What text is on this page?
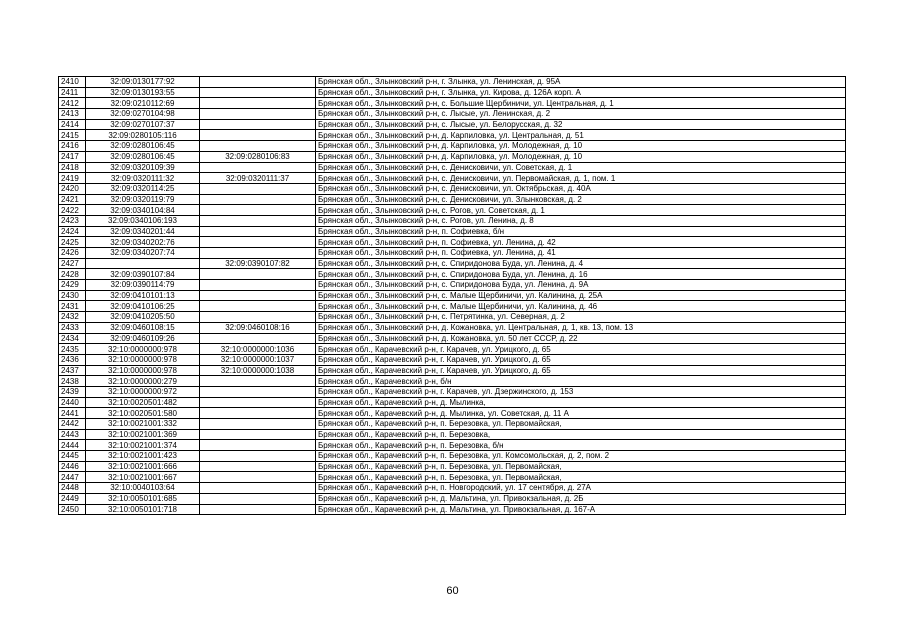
2410	32:09:0130177:92		Брянская обл., Злынковский р-н, г. Злынка, ул. Ленинская, д. 95А
2411	32:09:0130193:55		Брянская обл., Злынковский р-н, г. Злынка, ул. Кирова, д. 126А корп. А
2412	32:09:0210112:69		Брянская обл., Злынковский р-н, с. Большие Щербиничи, ул. Центральная, д. 1
2413	32:09:0270104:98		Брянская обл., Злынковский р-н, с. Лысые, ул. Ленинская, д. 2
2414	32:09:0270107:37		Брянская обл., Злынковский р-н, с. Лысые, ул. Белорусская, д. 32
2415	32:09:0280105:116		Брянская обл., Злынковский р-н, д. Карпиловка, ул. Центральная, д. 51
2416	32:09:0280106:45		Брянская обл., Злынковский р-н, д. Карпиловка, ул. Молодежная, д. 10
2417	32:09:0280106:45	32:09:0280106:83	Брянская обл., Злынковский р-н, д. Карпиловка, ул. Молодежная, д. 10
2418	32:09:0320109:39		Брянская обл., Злынковский р-н, с. Денисковичи, ул. Советская, д. 1
2419	32:09:0320111:32	32:09:0320111:37	Брянская обл., Злынковский р-н, с. Денисковичи, ул. Первомайская, д. 1, пом. 1
2420	32:09:0320114:25		Брянская обл., Злынковский р-н, с. Денисковичи, ул. Октябрьская, д. 40А
2421	32:09:0320119:79		Брянская обл., Злынковский р-н, с. Денисковичи, ул. Злынковская, д. 2
2422	32:09:0340104:84		Брянская обл., Злынковский р-н, с. Рогов, ул. Советская, д. 1
2423	32:09:0340106:193		Брянская обл., Злынковский р-н, с. Рогов, ул. Ленина, д. 8
2424	32:09:0340201:44		Брянская обл., Злынковский р-н, п. Софиевка, б/н
2425	32:09:0340202:76		Брянская обл., Злынковский р-н, п. Софиевка, ул. Ленина, д. 42
2426	32:09:0340207:74		Брянская обл., Злынковский р-н, п. Софиевка, ул. Ленина, д. 41
2427		32:09:0390107:82	Брянская обл., Злынковский р-н, с. Спиридонова Буда, ул. Ленина, д. 4
2428	32:09:0390107:84		Брянская обл., Злынковский р-н, с. Спиридонова Буда, ул. Ленина, д. 16
2429	32:09:0390114:79		Брянская обл., Злынковский р-н, с. Спиридонова Буда, ул. Ленина, д. 9А
2430	32:09:0410101:13		Брянская обл., Злынковский р-н, с. Малые Щербиничи, ул. Калинина, д. 25А
2431	32:09:0410106:25		Брянская обл., Злынковский р-н, с. Малые Щербиничи, ул. Калинина, д. 46
2432	32:09:0410205:50		Брянская обл., Злынковский р-н, с. Петрятинка, ул. Северная, д. 2
2433	32:09:0460108:15	32:09:0460108:16	Брянская обл., Злынковский р-н, д. Кожановка, ул. Центральная, д. 1, кв. 13, пом. 13
2434	32:09:0460109:26		Брянская обл., Злынковский р-н, д. Кожановка, ул. 50 лет СССР, д. 22
2435	32:10:0000000:978	32:10:0000000:1036	Брянская обл., Карачевский р-н, г. Карачев, ул. Урицкого, д. 65
2436	32:10:0000000:978	32:10:0000000:1037	Брянская обл., Карачевский р-н, г. Карачев, ул. Урицкого, д. 65
2437	32:10:0000000:978	32:10:0000000:1038	Брянская обл., Карачевский р-н, г. Карачев, ул. Урицкого, д. 65
2438	32:10:0000000:279		Брянская обл., Карачевский р-н, б/н
2439	32:10:0000000:972		Брянская обл., Карачевский р-н, г. Карачев, ул. Дзержинского, д. 153
2440	32:10:0020501:482		Брянская обл., Карачевский р-н, д. Мылинка,
2441	32:10:0020501:580		Брянская обл., Карачевский р-н, д. Мылинка, ул. Советская, д. 11 А
2442	32:10:0021001:332		Брянская обл., Карачевский р-н, п. Березовка, ул. Первомайская,
2443	32:10:0021001:369		Брянская обл., Карачевский р-н, п. Березовка,
2444	32:10:0021001:374		Брянская обл., Карачевский р-н, п. Березовка, б/н
2445	32:10:0021001:423		Брянская обл., Карачевский р-н, п. Березовка, ул. Комсомольская, д. 2, пом. 2
2446	32:10:0021001:666		Брянская обл., Карачевский р-н, п. Березовка, ул. Первомайская,
2447	32:10:0021001:667		Брянская обл., Карачевский р-н, п. Березовка, ул. Первомайская,
2448	32:10:0040103:64		Брянская обл., Карачевский р-н, п. Новгородский, ул. 17 сентября, д. 27А
2449	32:10:0050101:685		Брянская обл., Карачевский р-н, д. Мальтина, ул. Привокзальная, д. 2Б
2450	32:10:0050101:718		Брянская обл., Карачевский р-н, д. Мальтина, ул. Привокзальная, д. 167-А
60
